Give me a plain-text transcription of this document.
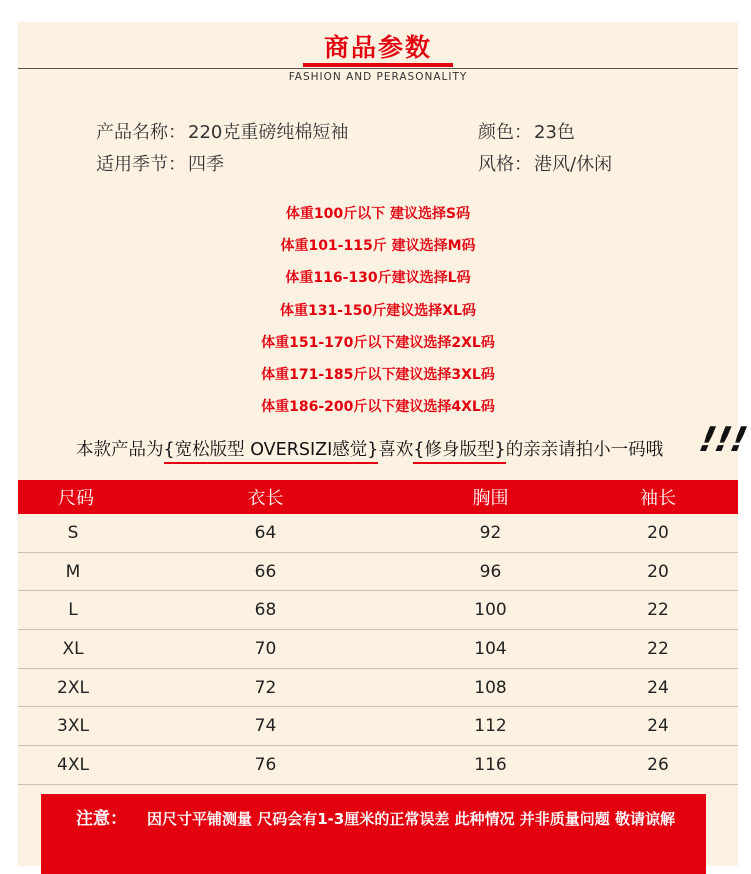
商品参数
FASHION AND PERASONALITY
产品名称： 220克重磅纯棉短袖	颜色： 23色
适用季节： 四季	风格： 港风/休闲
体重100斤以下 建议选择S码
体重101-115斤 建议选择M码
体重116-130斤建议选择L码
体重131-150斤建议选择XL码
体重151-170斤以下建议选择2XL码
体重171-185斤以下建议选择3XL码
体重186-200斤以下建议选择4XL码
本款产品为{宽松版型 OVERSIZI感觉}喜欢{修身版型}的亲亲请拍小一码哦 !!!
尺码	衣长	胸围	袖长
S	64	92	20
M	66	96	20
L	68	100	22
XL	70	104	22
2XL	72	108	24
3XL	74	112	24
4XL	76	116	26
注意： 因尺寸平铺测量 尺码会有1-3厘米的正常误差 此种情况 并非质量问题 敬请谅解
